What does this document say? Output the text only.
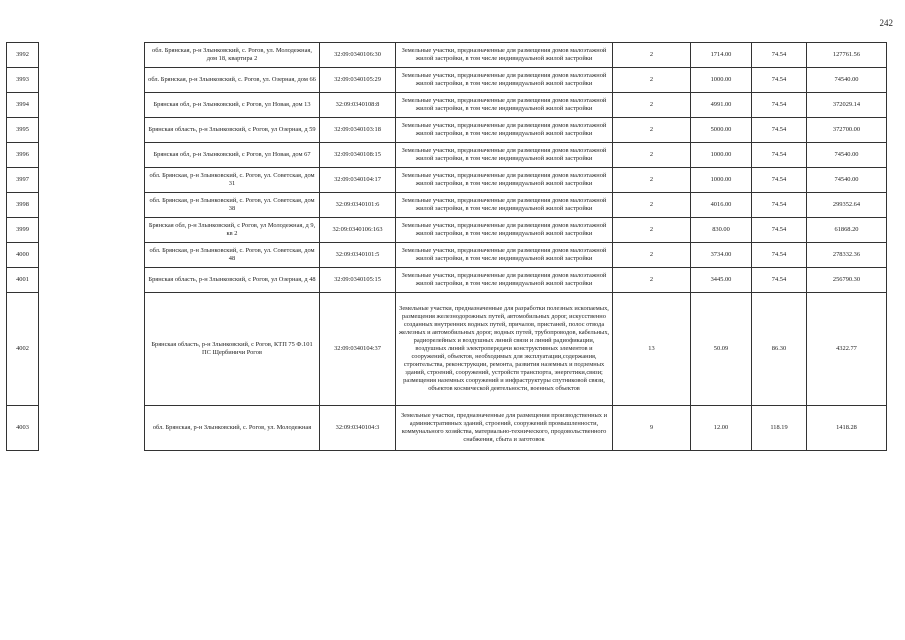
242
3992		обл. Брянская, р-н Злынковский, с. Рогов, ул. Молодежная, дом 18, квартира 2	32:09:0340106:30	Земельные участки, предназначенные для размещения домов малоэтажной жилой застройки, в том числе индивидуальной жилой застройки	2	1714.00	74.54	127761.56
3993		обл. Брянская, р-н Злынковский, с. Рогов, ул. Озерная, дом 66	32:09:0340105:29	Земельные участки, предназначенные для размещения домов малоэтажной жилой застройки, в том числе индивидуальной жилой застройки	2	1000.00	74.54	74540.00
3994		Брянская обл, р-н Злынковский, с Рогов, ул Новая, дом 13	32:09:0340108:8	Земельные участки, предназначенные для размещения домов малоэтажной жилой застройки, в том числе индивидуальной жилой застройки	2	4991.00	74.54	372029.14
3995		Брянская область, р-н Злынковский, с Рогов, ул Озерная, д 59	32:09:0340103:18	Земельные участки, предназначенные для размещения домов малоэтажной жилой застройки, в том числе индивидуальной жилой застройки	2	5000.00	74.54	372700.00
3996		Брянская обл, р-н Злынковский, с Рогов, ул Новая, дом 67	32:09:0340108:15	Земельные участки, предназначенные для размещения домов малоэтажной жилой застройки, в том числе индивидуальной жилой застройки	2	1000.00	74.54	74540.00
3997		обл. Брянская, р-н Злынковский, с. Рогов, ул. Советская, дом 31	32:09:0340104:17	Земельные участки, предназначенные для размещения домов малоэтажной жилой застройки, в том числе индивидуальной жилой застройки	2	1000.00	74.54	74540.00
3998		обл. Брянская, р-н Злынковский, с. Рогов, ул. Советская, дом 38	32:09:0340101:6	Земельные участки, предназначенные для размещения домов малоэтажной жилой застройки, в том числе индивидуальной жилой застройки	2	4016.00	74.54	299352.64
3999		Брянская обл, р-н Злынковский, с Рогов, ул Молодежная, д 9, кв 2	32:09:0340106:163	Земельные участки, предназначенные для размещения домов малоэтажной жилой застройки, в том числе индивидуальной жилой застройки	2	830.00	74.54	61868.20
4000		обл. Брянская, р-н Злынковский, с. Рогов, ул. Советская, дом 48	32:09:0340101:5	Земельные участки, предназначенные для размещения домов малоэтажной жилой застройки, в том числе индивидуальной жилой застройки	2	3734.00	74.54	278332.36
4001		Брянская область, р-н Злынковский, с Рогов, ул Озерная, д 48	32:09:0340105:15	Земельные участки, предназначенные для размещения домов малоэтажной жилой застройки, в том числе индивидуальной жилой застройки	2	3445.00	74.54	256790.30
4002		Брянская область, р-н Злынковский, с Рогов, КТП 75 Ф.101 ПС Щербиничи Рогов	32:09:0340104:37	Земельные участки, предназначенные для разработки полезных ископаемых, размещения железнодорожных путей, автомобильных дорог, искусственно созданных внутренних водных путей, причалов, пристаней, полос отвода железных и автомобильных дорог, водных путей, трубопроводов, кабельных, радиорелейных и воздушных линий связи и линий радиофикации, воздушных линий электропередачи конструктивных элементов и сооружений, объектов, необходимых для эксплуатации,содержания, строительства, реконструкции, ремонта, развития наземных и подземных зданий, строений, сооружений, устройств транспорта, энергетики,связи; размещения наземных сооружений и инфраструктуры спутниковой связи, объектов космической деятельности, военных объектов	13	50.09	86.30	4322.77
4003		обл. Брянская, р-н Злынковский, с. Рогов, ул. Молодежная	32:09:0340104:3	Земельные участки, предназначенные для размещения производственных и административных зданий, строений, сооружений промышленности, коммунального хозяйства, материально-технического, продовольственного снабжения, сбыта и заготовок	9	12.00	118.19	1418.28
